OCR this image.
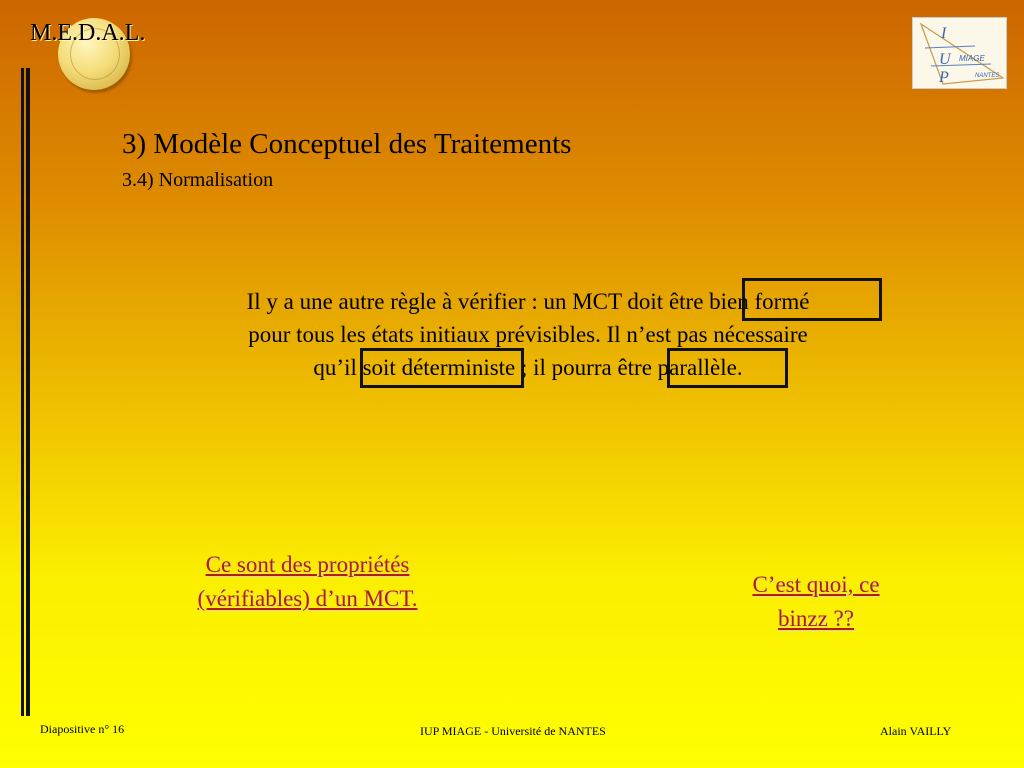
M.E.D.A.L.	I
U
P
MIAGE
NANTES
3) Modèle Conceptuel des Traitements
3.4) Normalisation
Il y a une autre règle à vérifier : un MCT doit être bien formé
pour tous les états initiaux prévisibles. Il n’est pas nécessaire
qu’il soit déterministe ; il pourra être parallèle.
Ce sont des propriétés
(vérifiables) d’un MCT.
C’est quoi, ce
binzz ??
Diapositive n° 16	IUP MIAGE - Université de NANTES	Alain VAILLY
